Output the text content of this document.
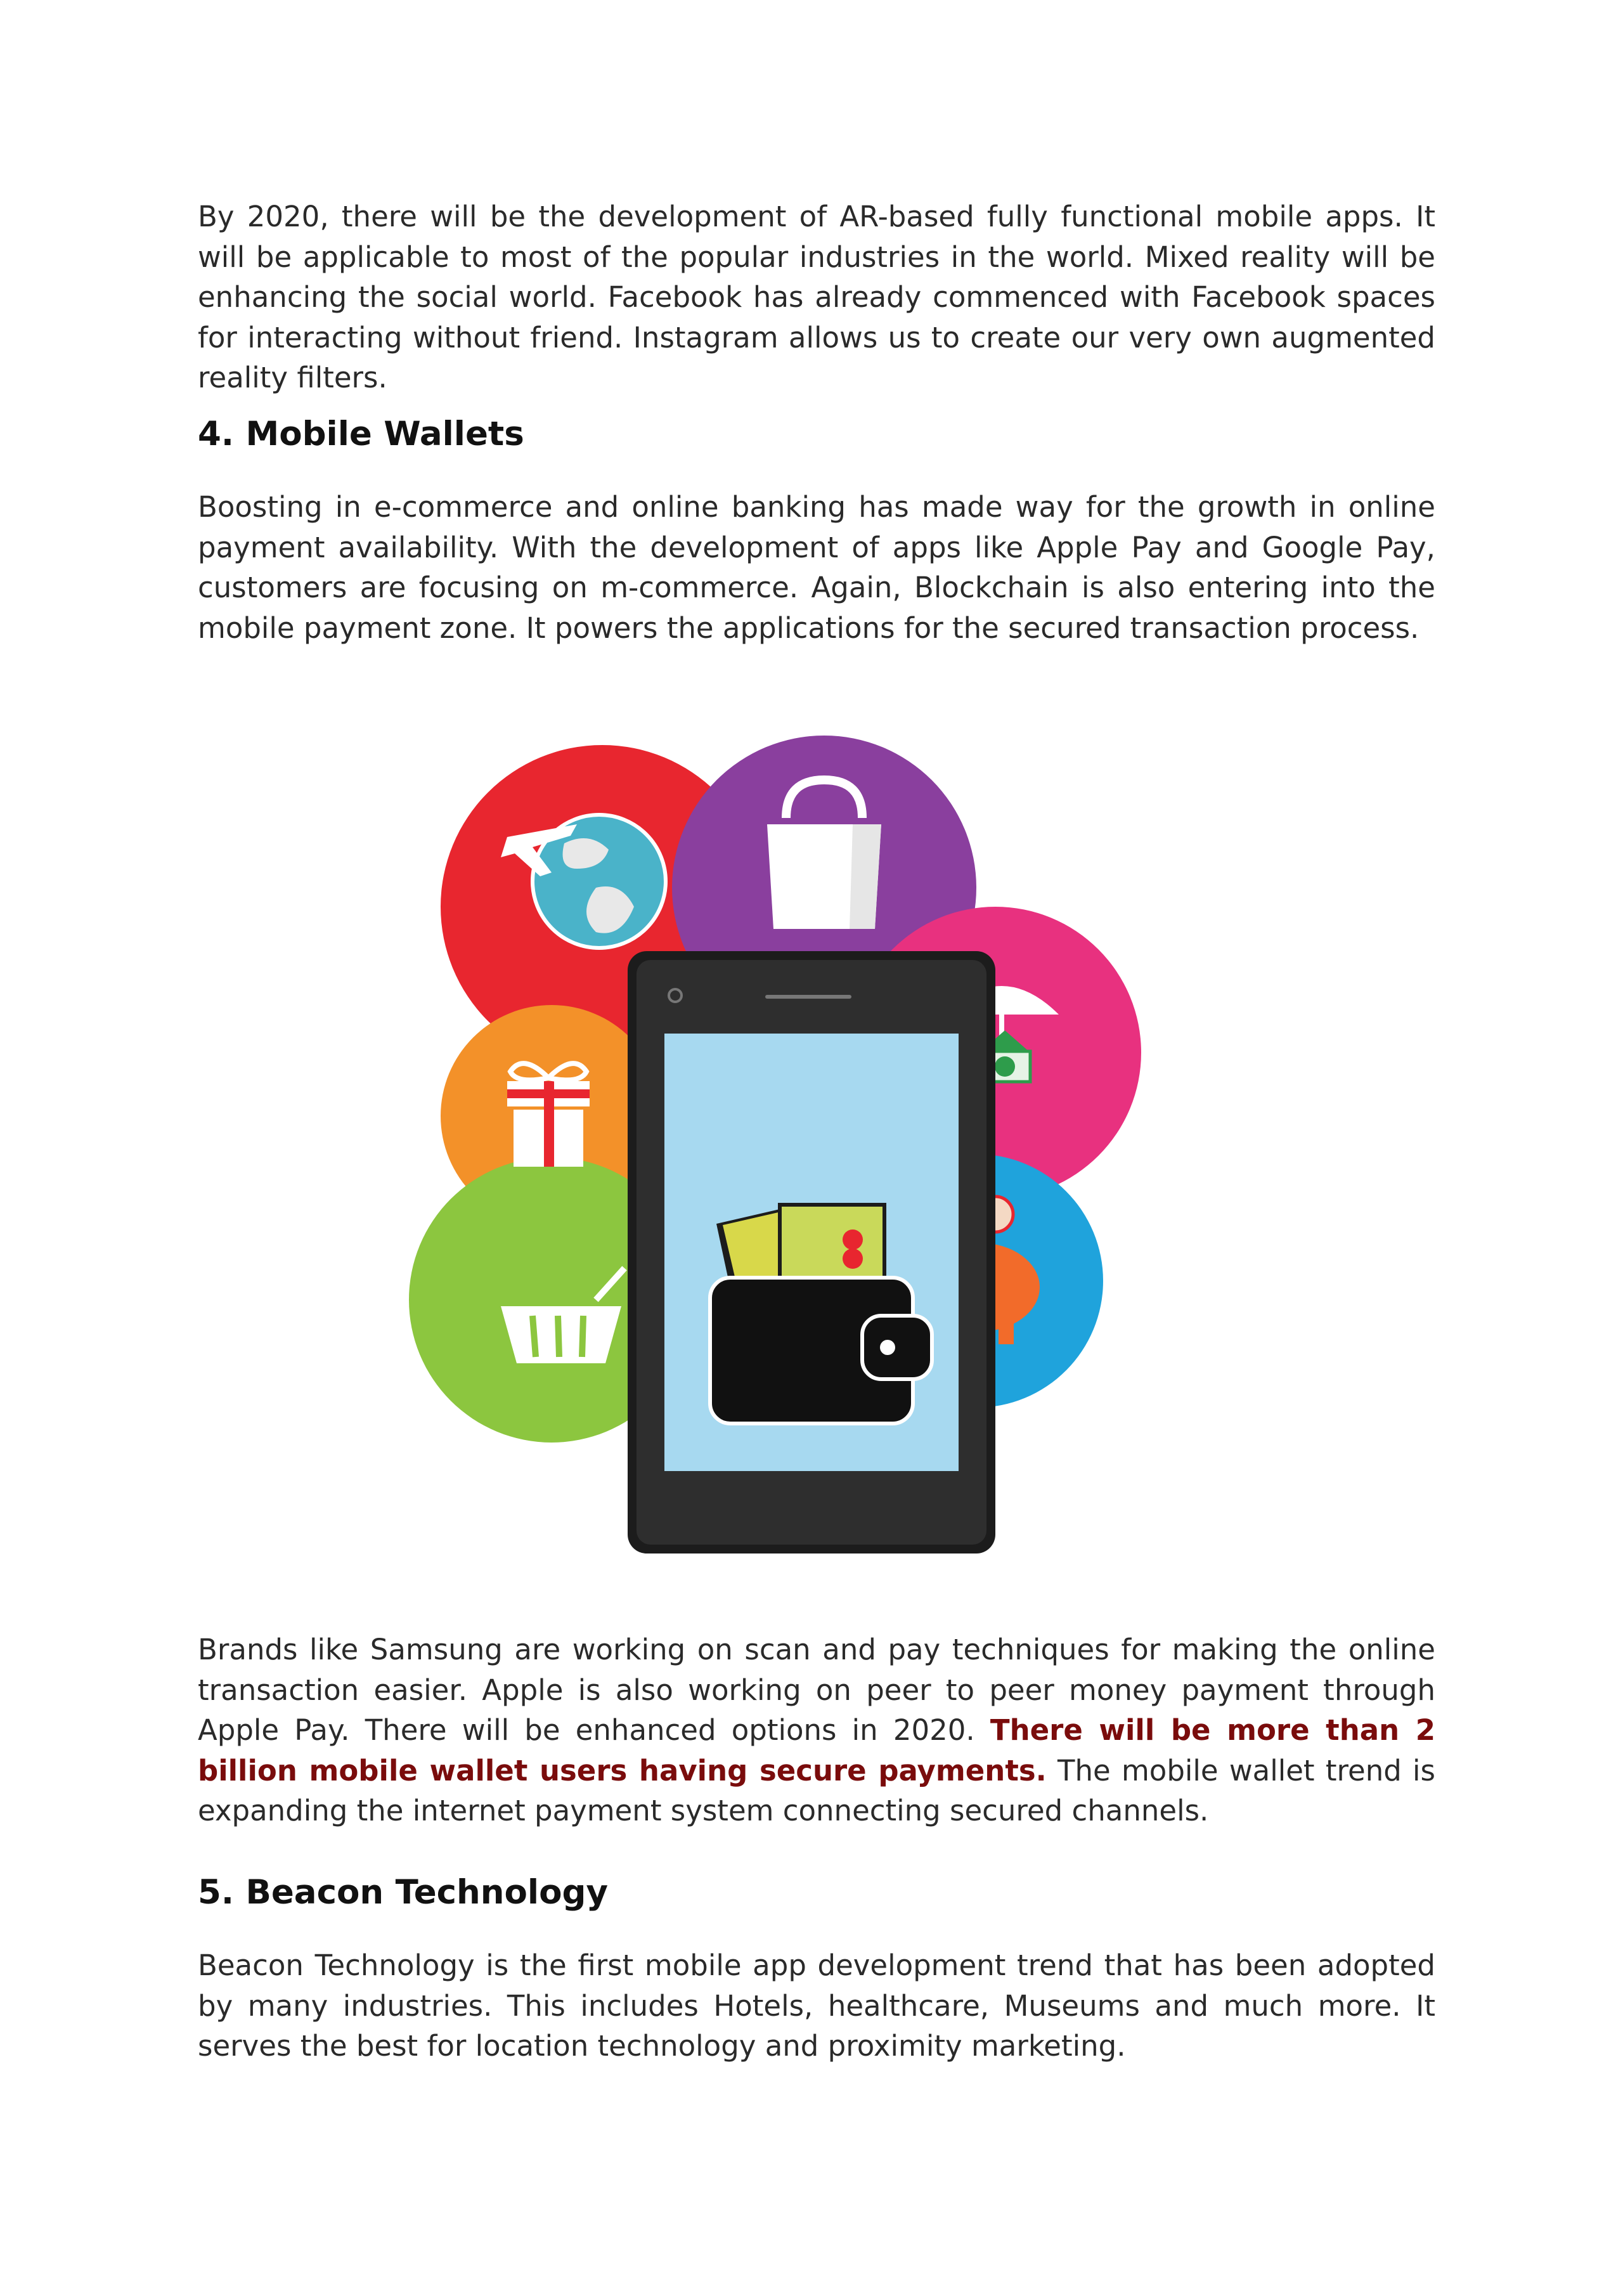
By 2020, there will be the development of AR-based fully functional mobile apps. It will be applicable to most of the popular industries in the world. Mixed reality will be enhancing the social world. Facebook has already commenced with Facebook spaces for interacting without friend. Instagram allows us to create our very own augmented reality filters.

4. Mobile Wallets

Boosting in e-commerce and online banking has made way for the growth in online payment availability. With the development of apps like Apple Pay and Google Pay, customers are focusing on m-commerce. Again, Blockchain is also entering into the mobile payment zone. It powers the applications for the secured transaction process.

Brands like Samsung are working on scan and pay techniques for making the online transaction easier. Apple is also working on peer to peer money payment through Apple Pay. There will be enhanced options in 2020. There will be more than 2 billion mobile wallet users having secure payments. The mobile wallet trend is expanding the internet payment system connecting secured channels.

5. Beacon Technology

Beacon Technology is the first mobile app development trend that has been adopted by many industries. This includes Hotels, healthcare, Museums and much more. It serves the best for location technology and proximity marketing.
